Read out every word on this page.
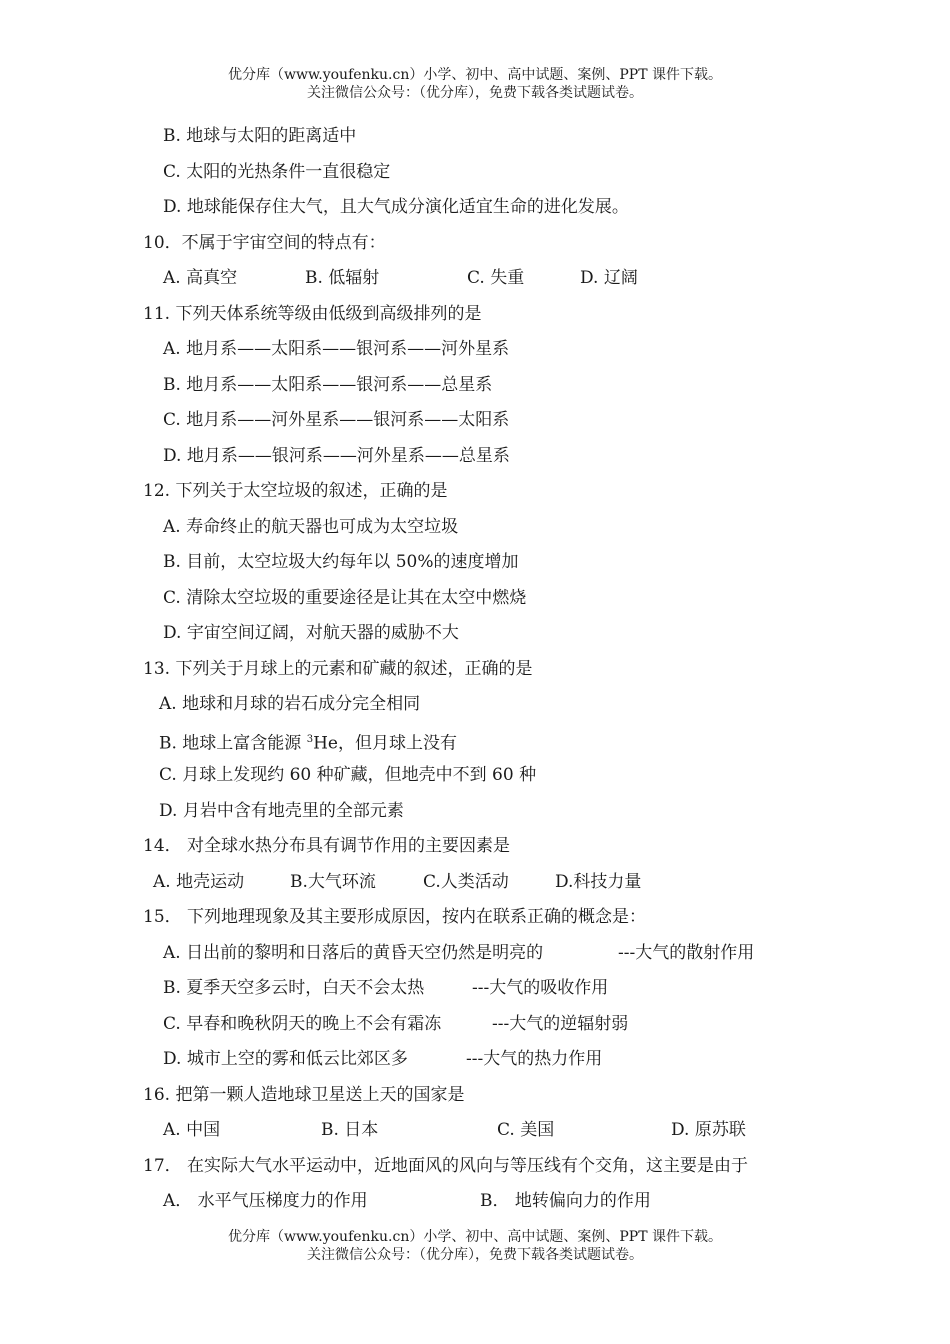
优分库（www.youfenku.cn）小学、初中、高中试题、案例、PPT 课件下载。
关注微信公众号：（优分库），免费下载各类试题试卷。
B. 地球与太阳的距离适中
C. 太阳的光热条件一直很稳定
D. 地球能保存住大气，且大气成分演化适宜生命的进化发展。
10．不属于宇宙空间的特点有：
A. 高真空	B. 低辐射	C. 失重	D. 辽阔
11. 下列天体系统等级由低级到高级排列的是
A. 地月系——太阳系——银河系——河外星系
B. 地月系——太阳系——银河系——总星系
C. 地月系——河外星系——银河系——太阳系
D. 地月系——银河系——河外星系——总星系
12. 下列关于太空垃圾的叙述，正确的是
A. 寿命终止的航天器也可成为太空垃圾
B. 目前，太空垃圾大约每年以 50%的速度增加
C. 清除太空垃圾的重要途径是让其在太空中燃烧
D. 宇宙空间辽阔，对航天器的威胁不大
13. 下列关于月球上的元素和矿藏的叙述，正确的是
A. 地球和月球的岩石成分完全相同
B. 地球上富含能源 $^3$He，但月球上没有
C. 月球上发现约 60 种矿藏，但地壳中不到 60 种
D. 月岩中含有地壳里的全部元素
14． 对全球水热分布具有调节作用的主要因素是
A. 地壳运动	B.大气环流	C.人类活动	D.科技力量
15． 下列地理现象及其主要形成原因，按内在联系正确的概念是：
A. 日出前的黎明和日落后的黄昏天空仍然是明亮的	---大气的散射作用
B. 夏季天空多云时，白天不会太热	---大气的吸收作用
C. 早春和晚秋阴天的晚上不会有霜冻	---大气的逆辐射弱
D. 城市上空的雾和低云比郊区多	---大气的热力作用
16. 把第一颗人造地球卫星送上天的国家是
A. 中国	B. 日本	C. 美国	D. 原苏联
17． 在实际大气水平运动中，近地面风的风向与等压线有个交角，这主要是由于
A． 水平气压梯度力的作用	B． 地转偏向力的作用
优分库（www.youfenku.cn）小学、初中、高中试题、案例、PPT 课件下载。
关注微信公众号：（优分库），免费下载各类试题试卷。
